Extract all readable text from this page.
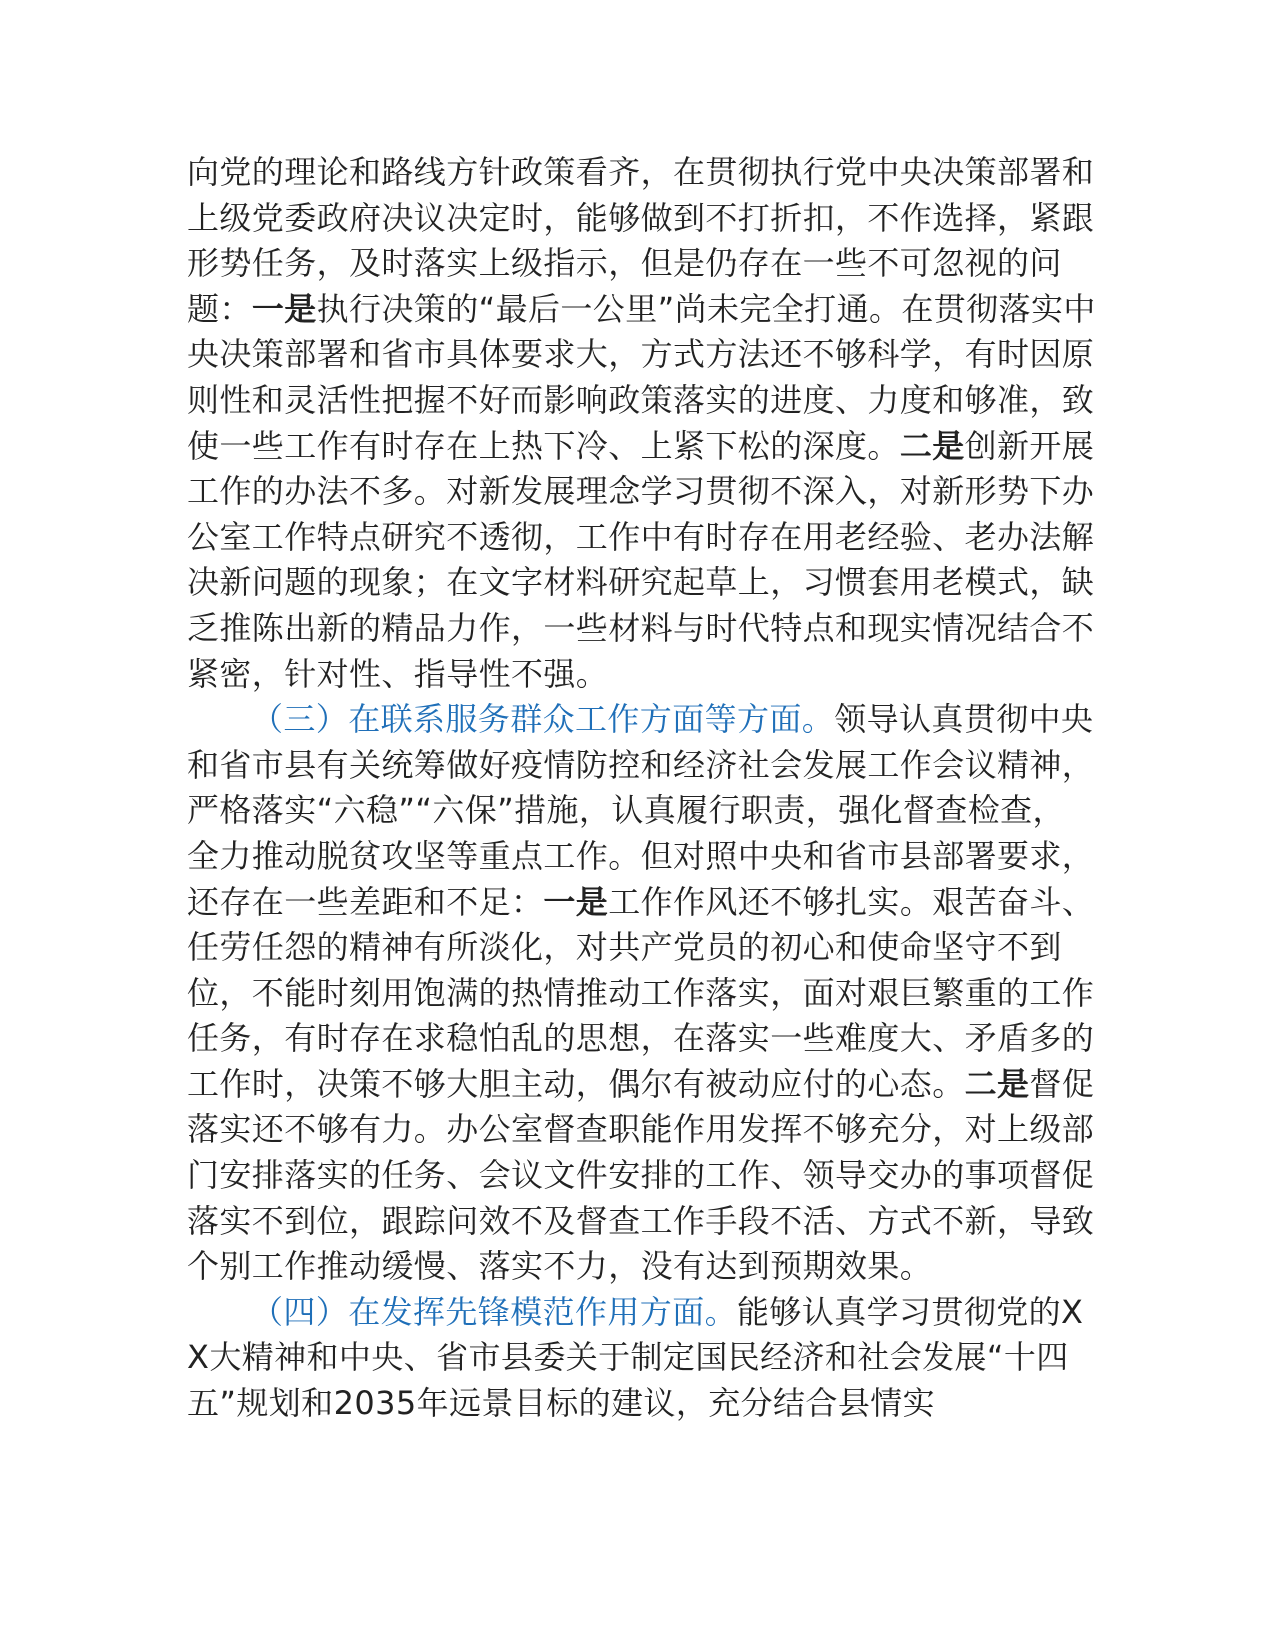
向党的理论和路线方针政策看齐，在贯彻执行党中央决策部署和上级党委政府决议决定时，能够做到不打折扣，不作选择，紧跟形势任务，及时落实上级指示，但是仍存在一些不可忽视的问题：一是执行决策的“最后一公里”尚未完全打通。在贯彻落实中央决策部署和省市具体要求大，方式方法还不够科学，有时因原则性和灵活性把握不好而影响政策落实的进度、力度和够准，致使一些工作有时存在上热下冷、上紧下松的深度。二是创新开展工作的办法不多。对新发展理念学习贯彻不深入，对新形势下办公室工作特点研究不透彻，工作中有时存在用老经验、老办法解决新问题的现象；在文字材料研究起草上，习惯套用老模式，缺乏推陈出新的精品力作，一些材料与时代特点和现实情况结合不紧密，针对性、指导性不强。

（三）在联系服务群众工作方面等方面。领导认真贯彻中央和省市县有关统筹做好疫情防控和经济社会发展工作会议精神，严格落实“六稳”“六保”措施，认真履行职责，强化督查检查，全力推动脱贫攻坚等重点工作。但对照中央和省市县部署要求，还存在一些差距和不足：一是工作作风还不够扎实。艰苦奋斗、任劳任怨的精神有所淡化，对共产党员的初心和使命坚守不到位，不能时刻用饱满的热情推动工作落实，面对艰巨繁重的工作任务，有时存在求稳怕乱的思想，在落实一些难度大、矛盾多的工作时，决策不够大胆主动，偶尔有被动应付的心态。二是督促落实还不够有力。办公室督查职能作用发挥不够充分，对上级部门安排落实的任务、会议文件安排的工作、领导交办的事项督促落实不到位，跟踪问效不及督查工作手段不活、方式不新，导致个别工作推动缓慢、落实不力，没有达到预期效果。

（四）在发挥先锋模范作用方面。能够认真学习贯彻党的XX大精神和中央、省市县委关于制定国民经济和社会发展“十四五”规划和2035年远景目标的建议，充分结合县情实
